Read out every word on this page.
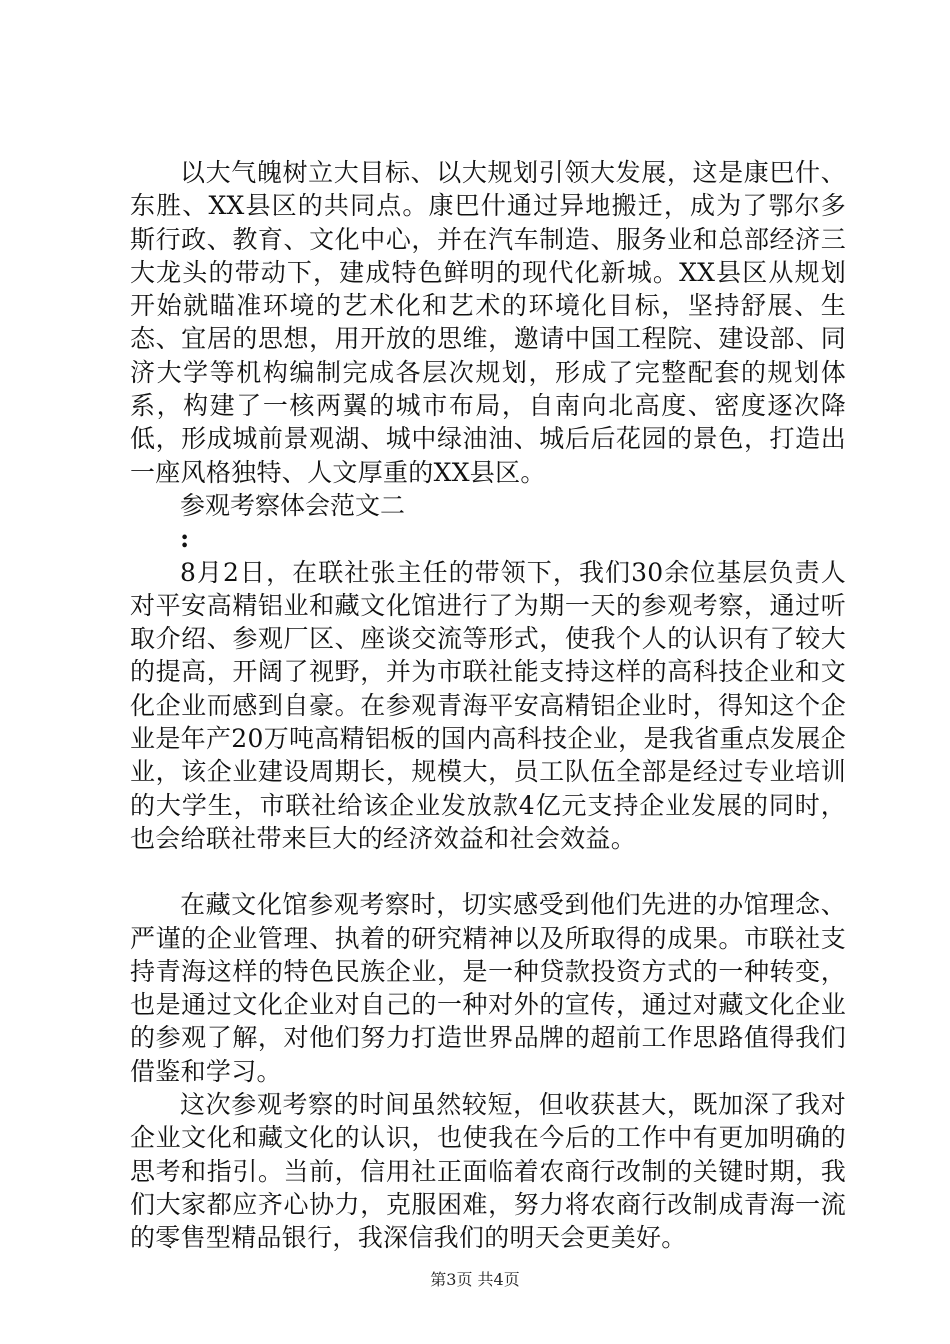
以大气魄树立大目标、以大规划引领大发展，这是康巴什、东胜、XX县区的共同点。康巴什通过异地搬迁，成为了鄂尔多斯行政、教育、文化中心，并在汽车制造、服务业和总部经济三大龙头的带动下，建成特色鲜明的现代化新城。XX县区从规划开始就瞄准环境的艺术化和艺术的环境化目标，坚持舒展、生态、宜居的思想，用开放的思维，邀请中国工程院、建设部、同济大学等机构编制完成各层次规划，形成了完整配套的规划体系，构建了一核两翼的城市布局，自南向北高度、密度逐次降低，形成城前景观湖、城中绿油油、城后后花园的景色，打造出一座风格独特、人文厚重的XX县区。

参观考察体会范文二

:

8月2日，在联社张主任的带领下，我们30余位基层负责人对平安高精铝业和藏文化馆进行了为期一天的参观考察，通过听取介绍、参观厂区、座谈交流等形式，使我个人的认识有了较大的提高，开阔了视野，并为市联社能支持这样的高科技企业和文化企业而感到自豪。在参观青海平安高精铝企业时，得知这个企业是年产20万吨高精铝板的国内高科技企业，是我省重点发展企业，该企业建设周期长，规模大，员工队伍全部是经过专业培训的大学生，市联社给该企业发放款4亿元支持企业发展的同时，也会给联社带来巨大的经济效益和社会效益。

在藏文化馆参观考察时，切实感受到他们先进的办馆理念、严谨的企业管理、执着的研究精神以及所取得的成果。市联社支持青海这样的特色民族企业，是一种贷款投资方式的一种转变，也是通过文化企业对自己的一种对外的宣传，通过对藏文化企业的参观了解，对他们努力打造世界品牌的超前工作思路值得我们借鉴和学习。

这次参观考察的时间虽然较短，但收获甚大，既加深了我对企业文化和藏文化的认识，也使我在今后的工作中有更加明确的思考和指引。当前，信用社正面临着农商行改制的关键时期，我们大家都应齐心协力，克服困难，努力将农商行改制成青海一流的零售型精品银行，我深信我们的明天会更美好。

第3页 共4页
